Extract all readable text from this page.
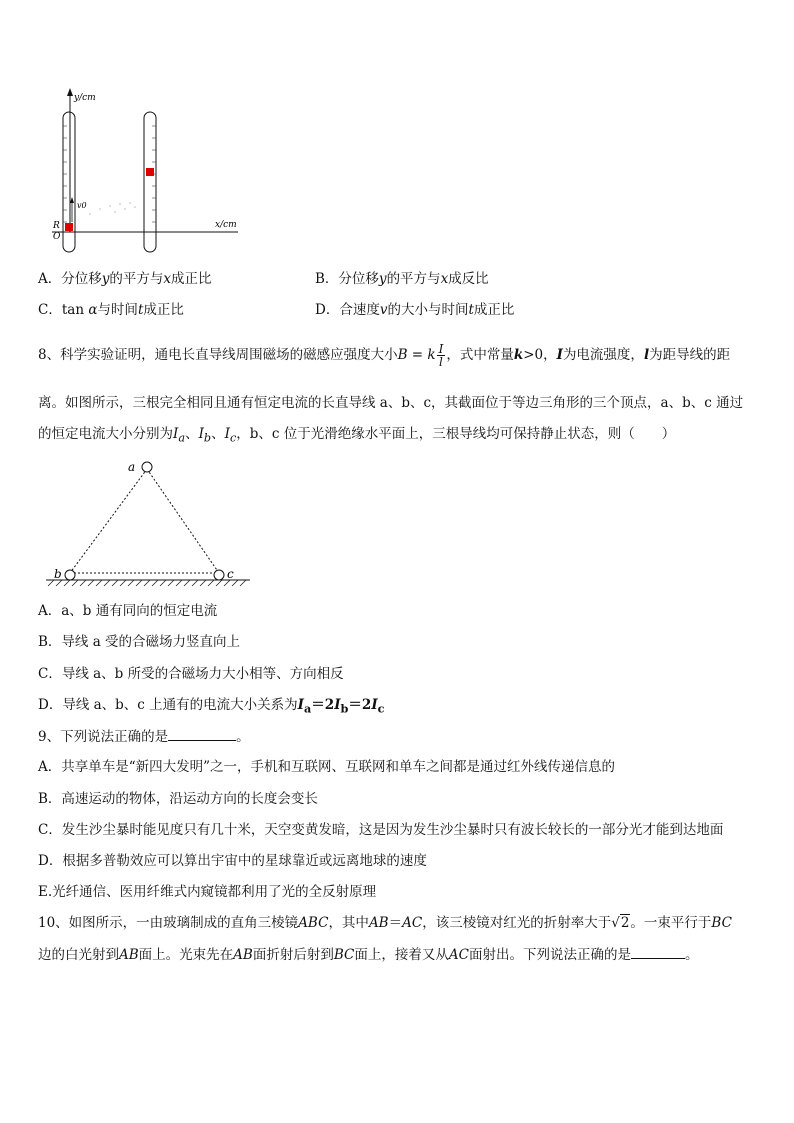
y/cm
x/cm
v0
R
O
A．分位移y的平方与x成正比	B．分位移y的平方与x成反比
C．tan α与时间t成正比	D．合速度v的大小与时间t成正比
8、科学实验证明，通电长直导线周围磁场的磁感应强度大小B = k $\frac{I}{l}$ ，式中常量k>0，I为电流强度，l为距导线的距
离。如图所示，三根完全相同且通有恒定电流的长直导线 a、b、c，其截面位于等边三角形的三个顶点，a、b、c 通过
的恒定电流大小分别为$I_a$、$I_b$、$I_c$，b、c 位于光滑绝缘水平面上，三根导线均可保持静止状态，则（　　）
a
b	c
A．a、b 通有同向的恒定电流
B．导线 a 受的合磁场力竖直向上
C．导线 a、b 所受的合磁场力大小相等、方向相反
D．导线 a、b、c 上通有的电流大小关系为$I_a=2I_b=2I_c$
9、下列说法正确的是	。
A．共享单车是“新四大发明”之一，手机和互联网、互联网和单车之间都是通过红外线传递信息的
B．高速运动的物体，沿运动方向的长度会变长
C．发生沙尘暴时能见度只有几十米，天空变黄发暗，这是因为发生沙尘暴时只有波长较长的一部分光才能到达地面
D．根据多普勒效应可以算出宇宙中的星球靠近或远离地球的速度
E.光纤通信、医用纤维式内窥镜都利用了光的全反射原理
10、如图所示，一由玻璃制成的直角三棱镜ABC，其中AB＝AC，该三棱镜对红光的折射率大于√2。一束平行于BC
边的白光射到AB面上。光束先在AB面折射后射到BC面上，接着又从AC面射出。下列说法正确的是	。
